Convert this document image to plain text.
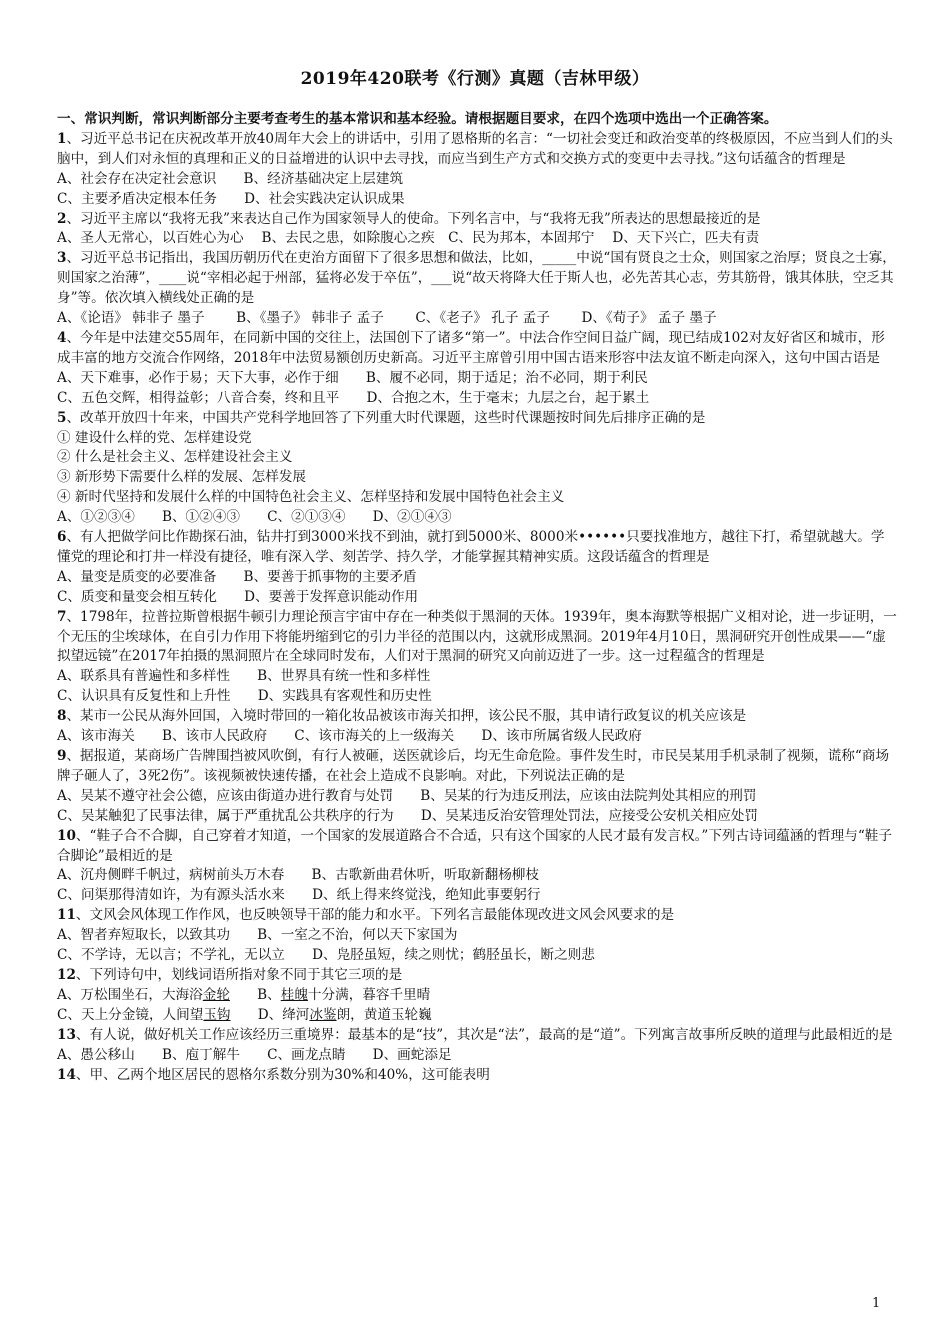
2019年420联考《行测》真题（吉林甲级）

一、常识判断，常识判断部分主要考查考生的基本常识和基本经验。请根据题目要求，在四个选项中选出一个正确答案。

1、习近平总书记在庆祝改革开放40周年大会上的讲话中，引用了恩格斯的名言：“一切社会变迁和政治变革的终极原因，不应当到人们的头脑中，到人们对永恒的真理和正义的日益增进的认识中去寻找，而应当到生产方式和交换方式的变更中去寻找。”这句话蕴含的哲理是

A、社会存在决定社会意识　　B、经济基础决定上层建筑

C、主要矛盾决定根本任务　　D、社会实践决定认识成果

2、习近平主席以“我将无我”来表达自己作为国家领导人的使命。下列名言中，与“我将无我”所表达的思想最接近的是

A、圣人无常心，以百姓心为心　 B、去民之患，如除腹心之疾　C、民为邦本，本固邦宁　 D、天下兴亡，匹夫有责

3、习近平总书记指出，我国历朝历代在吏治方面留下了很多思想和做法，比如，_____中说“国有贤良之士众，则国家之治厚；贤良之士寡，则国家之治薄”，____说“宰相必起于州部，猛将必发于卒伍”，___说“故天将降大任于斯人也，必先苦其心志，劳其筋骨，饿其体肤，空乏其身”等。依次填入横线处正确的是

A、《论语》 韩非子 墨子　　 B、《墨子》 韩非子 孟子　　 C、《老子》 孔子 孟子　　 D、《荀子》 孟子 墨子

4、今年是中法建交55周年，在同新中国的交往上，法国创下了诸多“第一”。中法合作空间日益广阔，现已结成102对友好省区和城市，形成丰富的地方交流合作网络，2018年中法贸易额创历史新高。习近平主席曾引用中国古语来形容中法友谊不断走向深入，这句中国古语是

A、天下难事，必作于易；天下大事，必作于细　　B、履不必同，期于适足；治不必同，期于利民

C、五色交辉，相得益彰；八音合奏，终和且平　　D、合抱之木，生于毫末；九层之台，起于累土

5、改革开放四十年来，中国共产党科学地回答了下列重大时代课题，这些时代课题按时间先后排序正确的是

① 建设什么样的党、怎样建设党

② 什么是社会主义、怎样建设社会主义

③ 新形势下需要什么样的发展、怎样发展

④ 新时代坚持和发展什么样的中国特色社会主义、怎样坚持和发展中国特色社会主义

A、①②③④　　B、①②④③　　C、②①③④　　D、②①④③

6、有人把做学问比作勘探石油，钻井打到3000米找不到油，就打到5000米、8000米••••••只要找准地方，越往下打，希望就越大。学懂党的理论和打井一样没有捷径，唯有深入学、刻苦学、持久学，才能掌握其精神实质。这段话蕴含的哲理是

A、量变是质变的必要准备　　B、要善于抓事物的主要矛盾

C、质变和量变会相互转化　　D、要善于发挥意识能动作用

7、1798年，拉普拉斯曾根据牛顿引力理论预言宇宙中存在一种类似于黑洞的天体。1939年，奥本海默等根据广义相对论，进一步证明，一个无压的尘埃球体，在自引力作用下将能坍缩到它的引力半径的范围以内，这就形成黑洞。2019年4月10日，黑洞研究开创性成果——“虚拟望远镜”在2017年拍摄的黑洞照片在全球同时发布，人们对于黑洞的研究又向前迈进了一步。这一过程蕴含的哲理是

A、联系具有普遍性和多样性　　B、世界具有统一性和多样性

C、认识具有反复性和上升性　　D、实践具有客观性和历史性

8、某市一公民从海外回国，入境时带回的一箱化妆品被该市海关扣押，该公民不服，其申请行政复议的机关应该是

A、该市海关　　B、该市人民政府　　C、该市海关的上一级海关　　D、该市所属省级人民政府

9、据报道，某商场广告牌围挡被风吹倒，有行人被砸，送医就诊后，均无生命危险。事件发生时，市民吴某用手机录制了视频，谎称“商场牌子砸人了，3死2伤”。该视频被快速传播，在社会上造成不良影响。对此，下列说法正确的是

A、吴某不遵守社会公德，应该由街道办进行教育与处罚　　B、吴某的行为违反刑法，应该由法院判处其相应的刑罚

C、吴某触犯了民事法律，属于严重扰乱公共秩序的行为　　D、吴某违反治安管理处罚法，应接受公安机关相应处罚

10、“鞋子合不合脚，自己穿着才知道，一个国家的发展道路合不合适，只有这个国家的人民才最有发言权。”下列古诗词蕴涵的哲理与“鞋子合脚论”最相近的是

A、沉舟侧畔千帆过，病树前头万木春　　B、古歌新曲君休听，听取新翻杨柳枝

C、问渠那得清如许，为有源头活水来　　D、纸上得来终觉浅，绝知此事要躬行

11、文风会风体现工作作风，也反映领导干部的能力和水平。下列名言最能体现改进文风会风要求的是

A、智者弃短取长，以致其功　　B、一室之不治，何以天下家国为

C、不学诗，无以言；不学礼，无以立　　D、凫胫虽短，续之则忧；鹤胫虽长，断之则悲

12、下列诗句中，划线词语所指对象不同于其它三项的是

A、万松围坐石，大海浴金轮　　B、桂魄十分满，暮容千里晴

C、天上分金镜，人间望玉钩　　D、绛河冰鉴朗，黄道玉轮巍

13、有人说，做好机关工作应该经历三重境界：最基本的是“技”，其次是“法”，最高的是“道”。下列寓言故事所反映的道理与此最相近的是

A、愚公移山　　B、庖丁解牛　　C、画龙点睛　　D、画蛇添足

14、甲、乙两个地区居民的恩格尔系数分别为30%和40%，这可能表明

1
